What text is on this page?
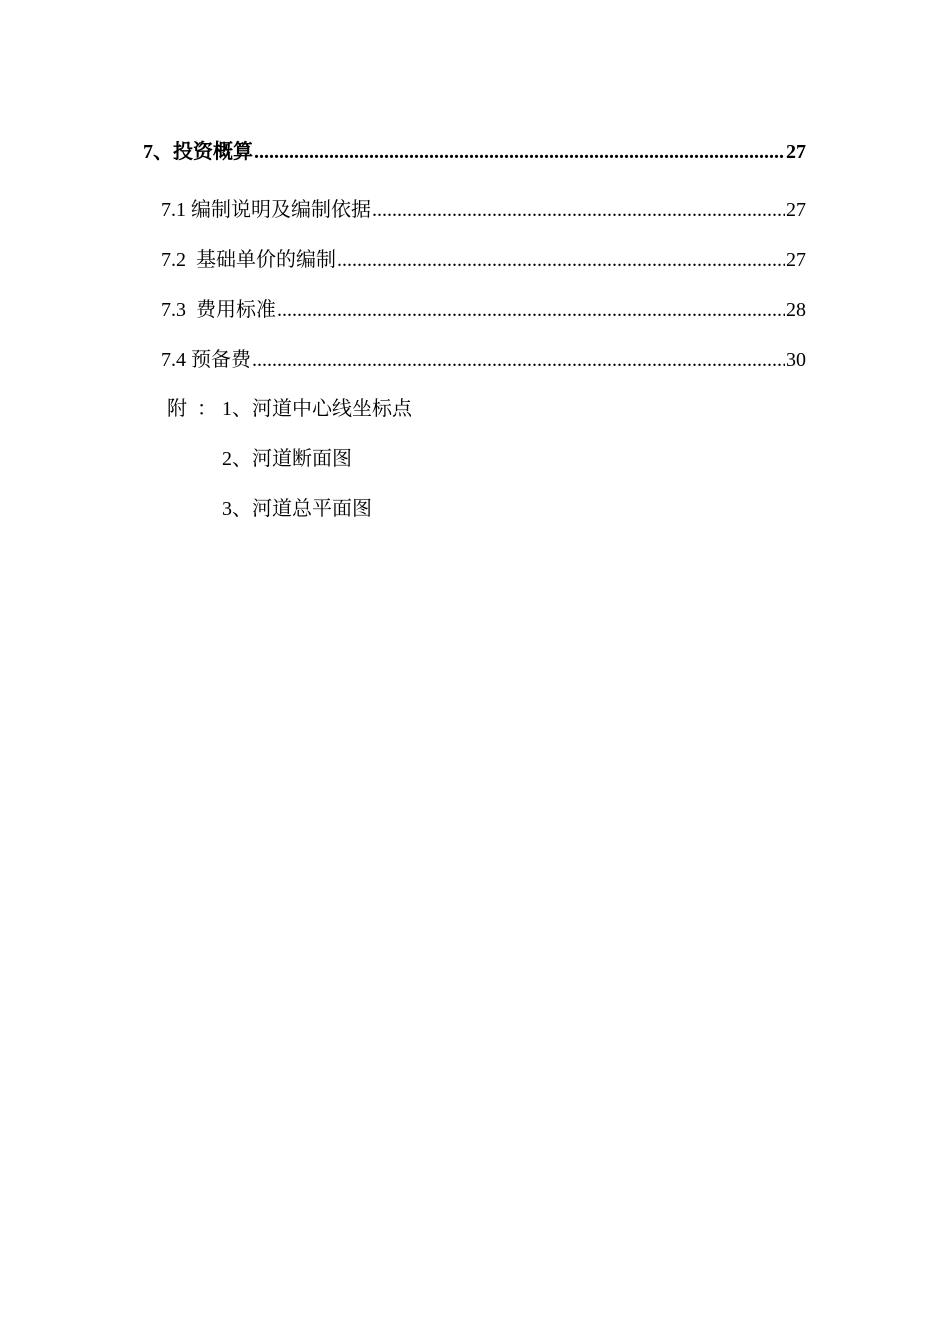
7、 投资概算 .....	27
7.1 编制说明及编制依据 .....	27
7.2 基础单价的编制 .....	27
7.3 费用标准 .....	28
7.4 预备费 .....	30
附  ： 1、河道中心线坐标点
2、河道断面图
3、河道总平面图
